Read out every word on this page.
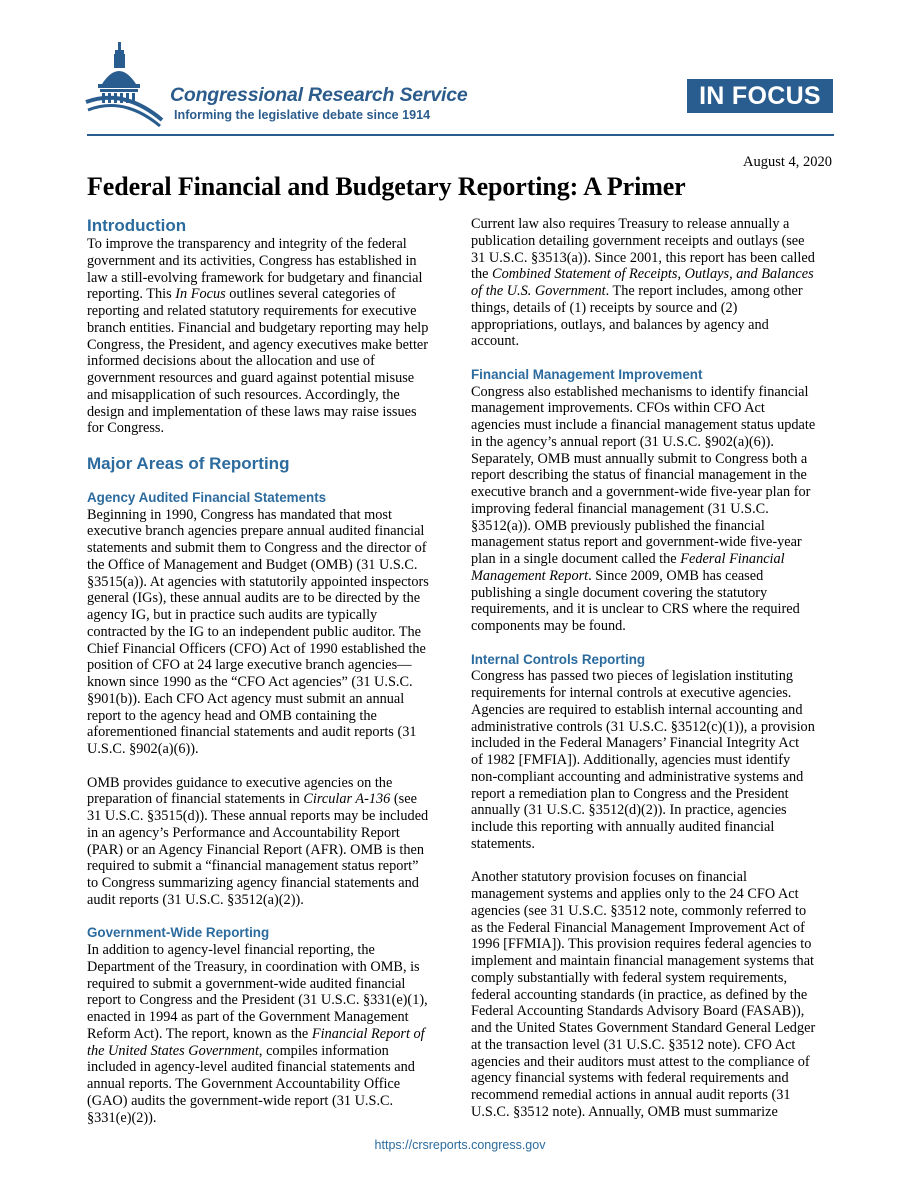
Congressional Research Service
Informing the legislative debate since 1914
IN FOCUS
August 4, 2020
Federal Financial and Budgetary Reporting: A Primer
Introduction

To improve the transparency and integrity of the federal
government and its activities, Congress has established in
law a still-evolving framework for budgetary and financial
reporting. This In Focus outlines several categories of
reporting and related statutory requirements for executive
branch entities. Financial and budgetary reporting may help
Congress, the President, and agency executives make better
informed decisions about the allocation and use of
government resources and guard against potential misuse
and misapplication of such resources. Accordingly, the
design and implementation of these laws may raise issues
for Congress.

Major Areas of Reporting
Agency Audited Financial Statements

Beginning in 1990, Congress has mandated that most
executive branch agencies prepare annual audited financial
statements and submit them to Congress and the director of
the Office of Management and Budget (OMB) (31 U.S.C.
§3515(a)). At agencies with statutorily appointed inspectors
general (IGs), these annual audits are to be directed by the
agency IG, but in practice such audits are typically
contracted by the IG to an independent public auditor. The
Chief Financial Officers (CFO) Act of 1990 established the
position of CFO at 24 large executive branch agencies—
known since 1990 as the “CFO Act agencies” (31 U.S.C.
§901(b)). Each CFO Act agency must submit an annual
report to the agency head and OMB containing the
aforementioned financial statements and audit reports (31
U.S.C. §902(a)(6)).

OMB provides guidance to executive agencies on the
preparation of financial statements in Circular A-136 (see
31 U.S.C. §3515(d)). These annual reports may be included
in an agency’s Performance and Accountability Report
(PAR) or an Agency Financial Report (AFR). OMB is then
required to submit a “financial management status report”
to Congress summarizing agency financial statements and
audit reports (31 U.S.C. §3512(a)(2)).

Government-Wide Reporting

In addition to agency-level financial reporting, the
Department of the Treasury, in coordination with OMB, is
required to submit a government-wide audited financial
report to Congress and the President (31 U.S.C. §331(e)(1),
enacted in 1994 as part of the Government Management
Reform Act). The report, known as the Financial Report of
the United States Government, compiles information
included in agency-level audited financial statements and
annual reports. The Government Accountability Office
(GAO) audits the government-wide report (31 U.S.C.
§331(e)(2)).

Current law also requires Treasury to release annually a
publication detailing government receipts and outlays (see
31 U.S.C. §3513(a)). Since 2001, this report has been called
the Combined Statement of Receipts, Outlays, and Balances
of the U.S. Government. The report includes, among other
things, details of (1) receipts by source and (2)
appropriations, outlays, and balances by agency and
account.

Financial Management Improvement

Congress also established mechanisms to identify financial
management improvements. CFOs within CFO Act
agencies must include a financial management status update
in the agency’s annual report (31 U.S.C. §902(a)(6)).
Separately, OMB must annually submit to Congress both a
report describing the status of financial management in the
executive branch and a government-wide five-year plan for
improving federal financial management (31 U.S.C.
§3512(a)). OMB previously published the financial
management status report and government-wide five-year
plan in a single document called the Federal Financial
Management Report. Since 2009, OMB has ceased
publishing a single document covering the statutory
requirements, and it is unclear to CRS where the required
components may be found.

Internal Controls Reporting

Congress has passed two pieces of legislation instituting
requirements for internal controls at executive agencies.
Agencies are required to establish internal accounting and
administrative controls (31 U.S.C. §3512(c)(1)), a provision
included in the Federal Managers’ Financial Integrity Act
of 1982 [FMFIA]). Additionally, agencies must identify
non-compliant accounting and administrative systems and
report a remediation plan to Congress and the President
annually (31 U.S.C. §3512(d)(2)). In practice, agencies
include this reporting with annually audited financial
statements.

Another statutory provision focuses on financial
management systems and applies only to the 24 CFO Act
agencies (see 31 U.S.C. §3512 note, commonly referred to
as the Federal Financial Management Improvement Act of
1996 [FFMIA]). This provision requires federal agencies to
implement and maintain financial management systems that
comply substantially with federal system requirements,
federal accounting standards (in practice, as defined by the
Federal Accounting Standards Advisory Board (FASAB)),
and the United States Government Standard General Ledger
at the transaction level (31 U.S.C. §3512 note). CFO Act
agencies and their auditors must attest to the compliance of
agency financial systems with federal requirements and
recommend remedial actions in annual audit reports (31
U.S.C. §3512 note). Annually, OMB must summarize

https://crsreports.congress.gov
